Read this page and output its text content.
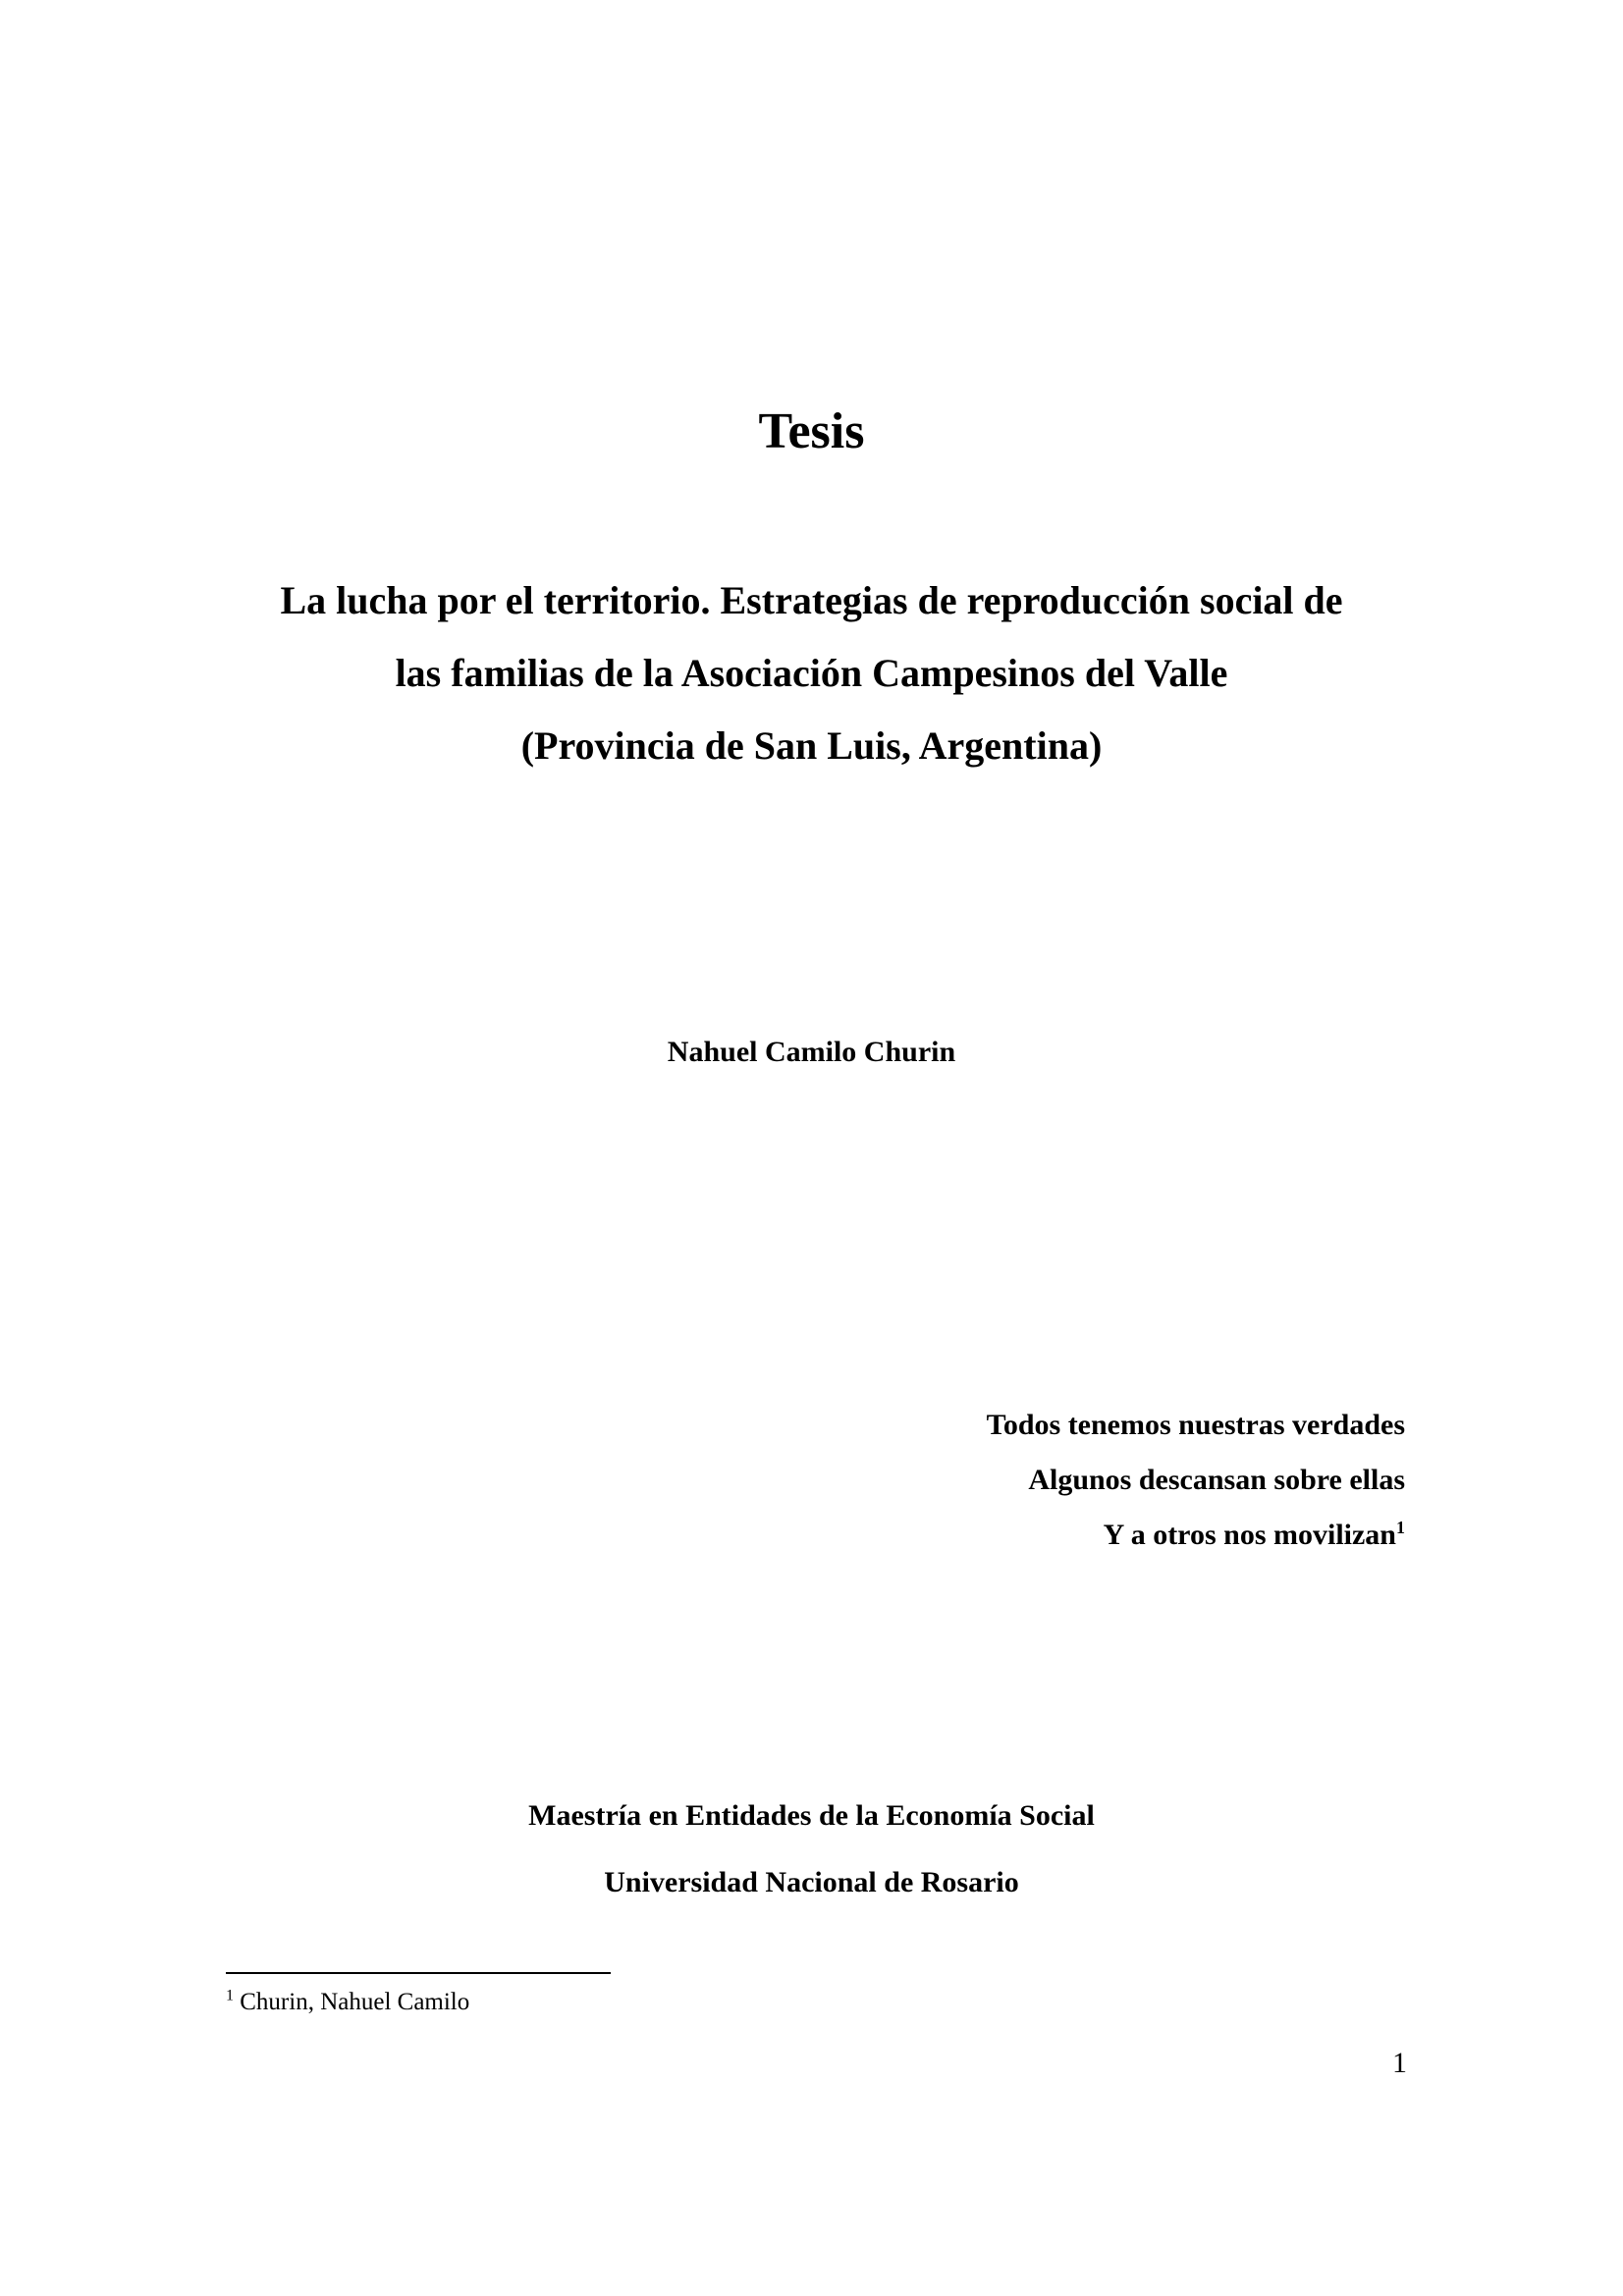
Tesis
La lucha por el territorio. Estrategias de reproducción social de
las familias de la Asociación Campesinos del Valle
(Provincia de San Luis, Argentina)

Nahuel Camilo Churin

Todos tenemos nuestras verdades
Algunos descansan sobre ellas
Y a otros nos movilizan$^1$
Maestría en Entidades de la Economía Social
Universidad Nacional de Rosario

$^1$ Churin, Nahuel Camilo

1
